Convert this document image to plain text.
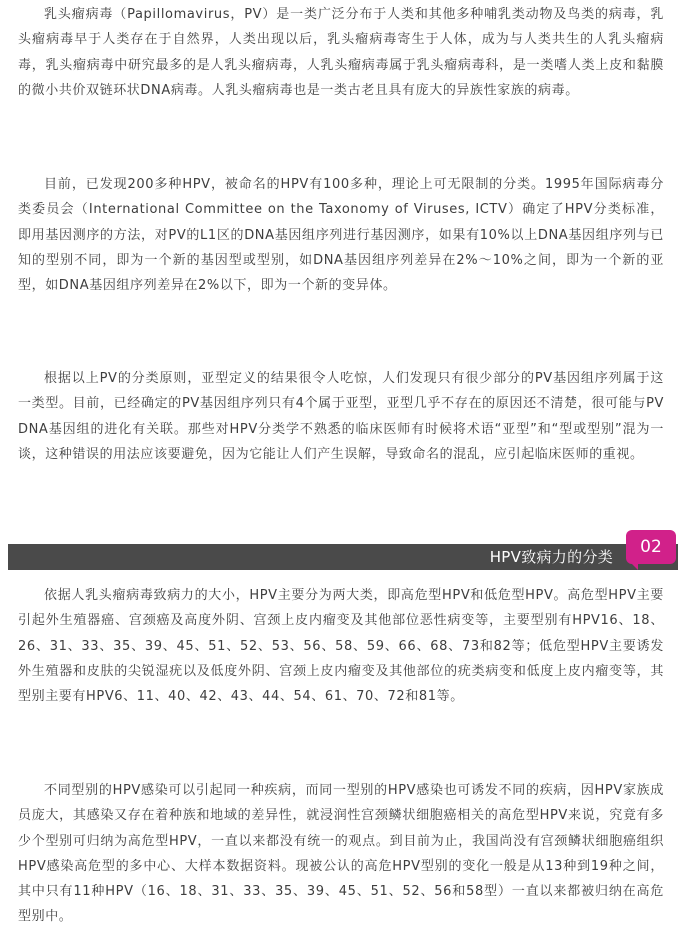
乳头瘤病毒（Papillomavirus，PV）是一类广泛分布于人类和其他多种哺乳类动物及鸟类的病毒，乳头瘤病毒早于人类存在于自然界，人类出现以后，乳头瘤病毒寄生于人体，成为与人类共生的人乳头瘤病毒，乳头瘤病毒中研究最多的是人乳头瘤病毒，人乳头瘤病毒属于乳头瘤病毒科，是一类嗜人类上皮和黏膜的微小共价双链环状DNA病毒。人乳头瘤病毒也是一类古老且具有庞大的异族性家族的病毒。

目前，已发现200多种HPV，被命名的HPV有100多种，理论上可无限制的分类。1995年国际病毒分类委员会（International Committee on the Taxonomy of Viruses, ICTV）确定了HPV分类标准，即用基因测序的方法，对PV的L1区的DNA基因组序列进行基因测序，如果有10%以上DNA基因组序列与已知的型别不同，即为一个新的基因型或型别，如DNA基因组序列差异在2%～10%之间，即为一个新的亚型，如DNA基因组序列差异在2%以下，即为一个新的变异体。

根据以上PV的分类原则，亚型定义的结果很令人吃惊，人们发现只有很少部分的PV基因组序列属于这一类型。目前，已经确定的PV基因组序列只有4个属于亚型，亚型几乎不存在的原因还不清楚，很可能与PV DNA基因组的进化有关联。那些对HPV分类学不熟悉的临床医师有时候将术语“亚型”和“型或型别”混为一谈，这种错误的用法应该要避免，因为它能让人们产生误解，导致命名的混乱，应引起临床医师的重视。

HPV致病力的分类	02

依据人乳头瘤病毒致病力的大小，HPV主要分为两大类，即高危型HPV和低危型HPV。高危型HPV主要引起外生殖器癌、宫颈癌及高度外阴、宫颈上皮内瘤变及其他部位恶性病变等，主要型别有HPV16、18、26、31、33、35、39、45、51、52、53、56、58、59、66、68、73和82等；低危型HPV主要诱发外生殖器和皮肤的尖锐湿疣以及低度外阴、宫颈上皮内瘤变及其他部位的疣类病变和低度上皮内瘤变等，其型别主要有HPV6、11、40、42、43、44、54、61、70、72和81等。

不同型别的HPV感染可以引起同一种疾病，而同一型别的HPV感染也可诱发不同的疾病，因HPV家族成员庞大，其感染又存在着种族和地域的差异性，就浸润性宫颈鳞状细胞癌相关的高危型HPV来说，究竟有多少个型别可归纳为高危型HPV，一直以来都没有统一的观点。到目前为止，我国尚没有宫颈鳞状细胞癌组织HPV感染高危型的多中心、大样本数据资料。现被公认的高危HPV型别的变化一般是从13种到19种之间，其中只有11种HPV（16、18、31、33、35、39、45、51、52、56和58型）一直以来都被归纳在高危型别中。
